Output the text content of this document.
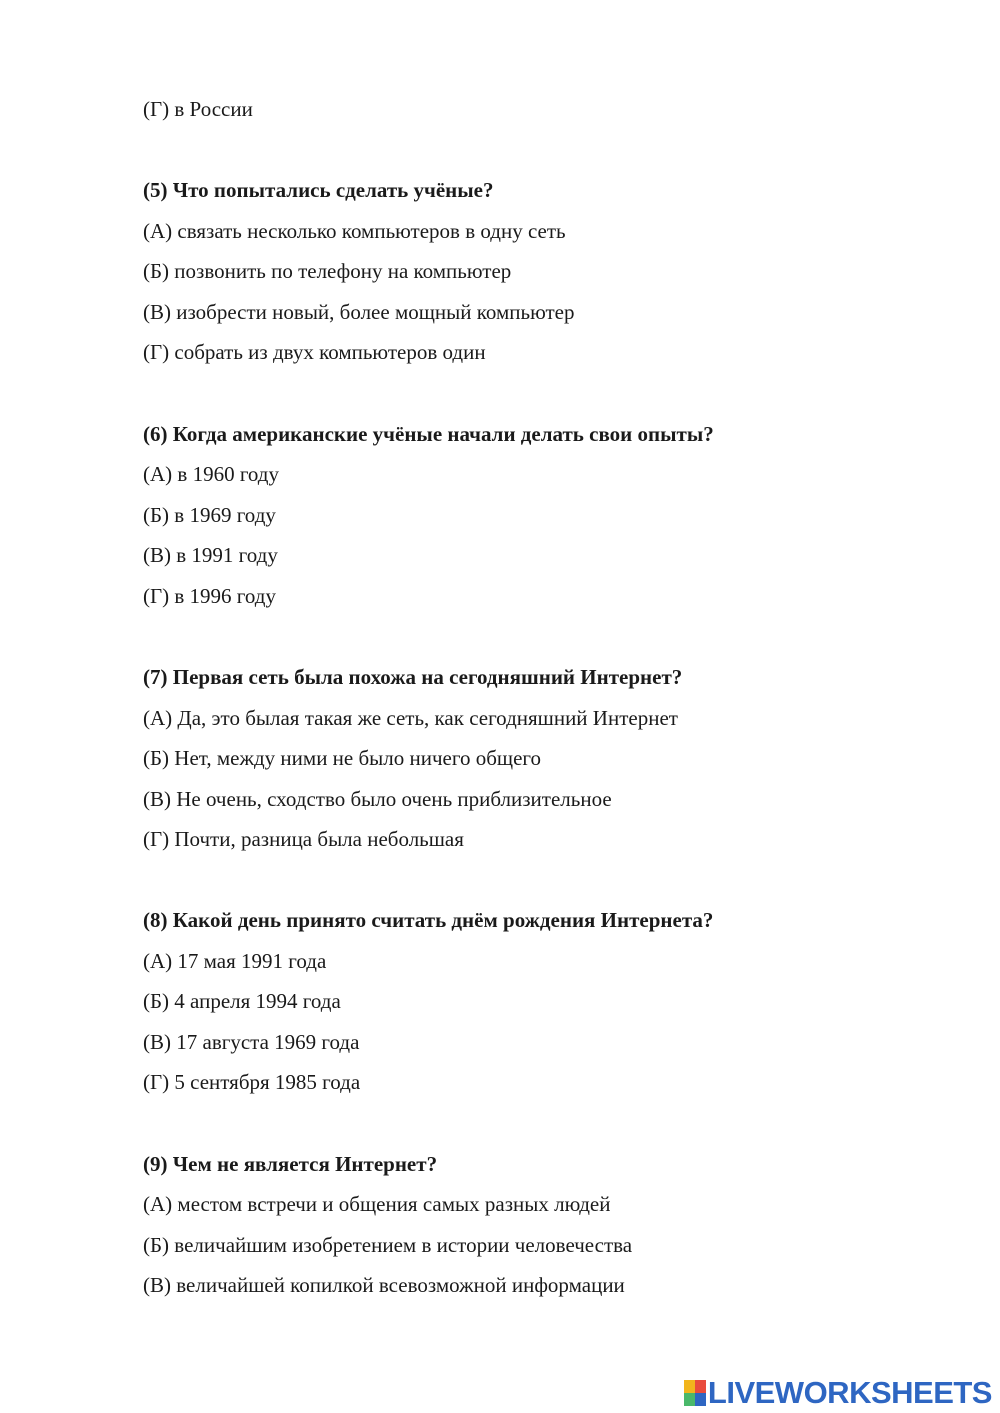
(Г) в России
(5) Что попытались сделать учёные?
(А) связать несколько компьютеров в одну сеть
(Б) позвонить по телефону на компьютер
(В) изобрести новый, более мощный компьютер
(Г) собрать из двух компьютеров один
(6) Когда американские учёные начали делать свои опыты?
(А) в 1960 году
(Б) в 1969 году
(В) в 1991 году
(Г) в 1996 году
(7) Первая сеть была похожа на сегодняшний Интернет?
(А) Да, это былая такая же сеть, как сегодняшний Интернет
(Б) Нет, между ними не было ничего общего
(В) Не очень, сходство было очень приблизительное
(Г) Почти, разница была небольшая
(8) Какой день принято считать днём рождения Интернета?
(А) 17 мая 1991 года
(Б) 4 апреля 1994 года
(В) 17 августа 1969 года
(Г) 5 сентября 1985 года
(9) Чем не является Интернет?
(А) местом встречи и общения самых разных людей
(Б) величайшим изобретением в истории человечества
(В) величайшей копилкой всевозможной информации
LIVEWORKSHEETS
